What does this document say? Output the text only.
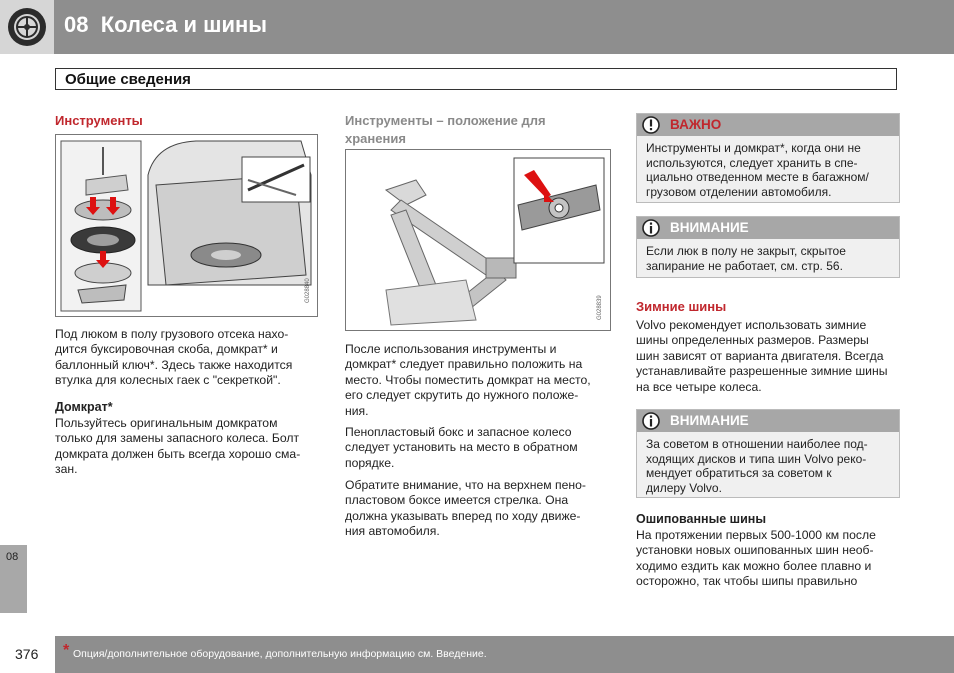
08 Колеса и шины
Общие сведения
Инструменты
G028840
Под люком в полу грузового отсека нахо-
дится буксировочная скоба, домкрат* и
баллонный ключ*. Здесь также находится
втулка для колесных гаек с "секреткой".
Домкрат*
Пользуйтесь оригинальным домкратом
только для замены запасного колеса. Болт
домкрата должен быть всегда хорошо сма-
зан.
Инструменты – положение для
хранения
G028839
После использования инструменты и
домкрат* следует правильно положить на
место. Чтобы поместить домкрат на место,
его следует скрутить до нужного положе-
ния.
Пенопластовый бокс и запасное колесо
следует установить на место в обратном
порядке.
Обратите внимание, что на верхнем пено-
пластовом боксе имеется стрелка. Она
должна указывать вперед по ходу движе-
ния автомобиля.
ВАЖНО
Инструменты и домкрат*, когда они не
используются, следует хранить в спе-
циально отведенном месте в багажном/
грузовом отделении автомобиля.
ВНИМАНИЕ
Если люк в полу не закрыт, скрытое
запирание не работает, см. стр. 56.
Зимние шины
Volvo рекомендует использовать зимние
шины определенных размеров. Размеры
шин зависят от варианта двигателя. Всегда
устанавливайте разрешенные зимние шины
на все четыре колеса.
ВНИМАНИЕ
За советом в отношении наиболее под-
ходящих дисков и типа шин Volvo реко-
мендует обратиться за советом к
дилеру Volvo.
Ошипованные шины
На протяжении первых 500-1000 км после
установки новых ошипованных шин необ-
ходимо ездить как можно более плавно и
осторожно, так чтобы шипы правильно
08
376 * Опция/дополнительное оборудование, дополнительную информацию см. Введение.
